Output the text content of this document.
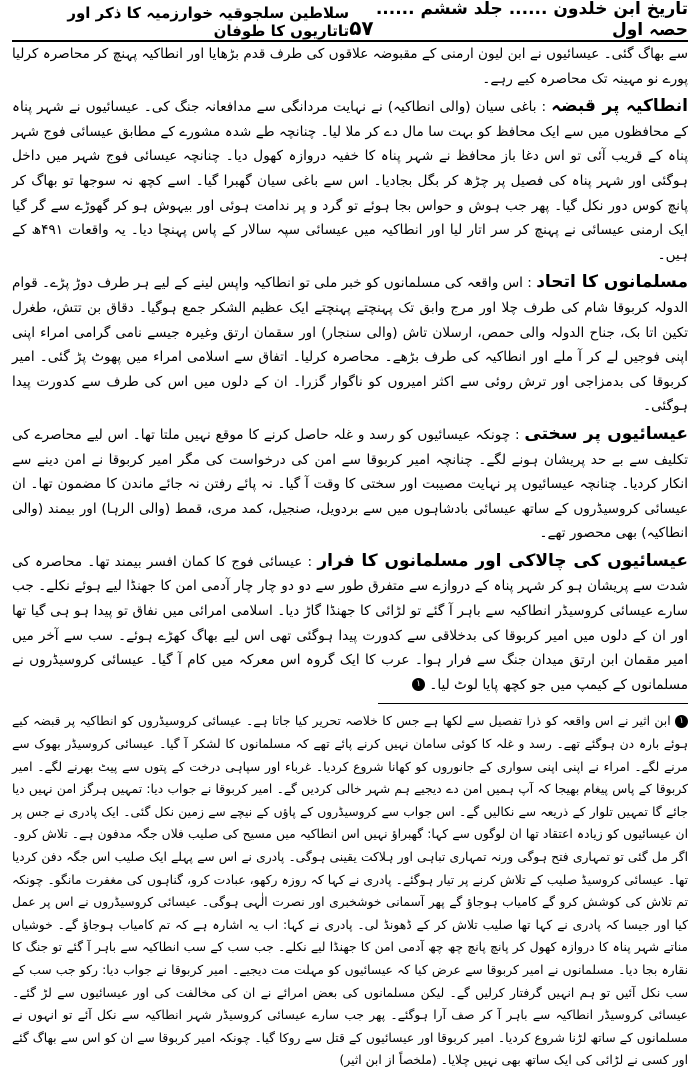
تاریخ ابن خلدون ...... جلد ششم ...... حصہ اول
۵۷
سلاطین سلجوقیہ خوارزمیہ کا ذکر اور تاتاریوں کا طوفان

سے بھاگ گئی۔ عیسائیوں نے ابن لیون ارمنی کے مقبوضہ علاقوں کی طرف قدم بڑھایا اور انطاکیہ پہنچ کر محاصرہ کرلیا پورے نو مہینہ تک محاصرہ کیے رہے۔

انطاکیہ پر قبضہ : باغی سیان (والی انطاکیہ) نے نہایت مردانگی سے مدافعانہ جنگ کی۔ عیسائیوں نے شہر پناہ کے محافظوں میں سے ایک محافظ کو بہت سا مال دے کر ملا لیا۔ چنانچہ طے شدہ مشورے کے مطابق عیسائی فوج شہر پناہ کے قریب آئی تو اس دغا باز محافظ نے شہر پناہ کا خفیہ دروازہ کھول دیا۔ چنانچہ عیسائی فوج شہر میں داخل ہوگئی اور شہر پناہ کی فصیل پر چڑھ کر بگل بجادیا۔ اس سے باغی سیان گھبرا گیا۔ اسے کچھ نہ سوجھا تو بھاگ کر پانچ کوس دور نکل گیا۔ پھر جب ہوش و حواس بجا ہوئے تو گرد و پر ندامت ہوئی اور بیہوش ہو کر گھوڑے سے گر گیا ایک ارمنی عیسائی نے پہنچ کر سر اتار لیا اور انطاکیہ میں عیسائی سپہ سالار کے پاس پہنچا دیا۔ یہ واقعات ۴۹۱ھ کے ہیں۔

مسلمانوں کا اتحاد : اس واقعہ کی مسلمانوں کو خبر ملی تو انطاکیہ واپس لینے کے لیے ہر طرف دوڑ پڑے۔ قوام الدولہ کربوقا شام کی طرف چلا اور مرج وابق تک پہنچتے پہنچتے ایک عظیم الشکر جمع ہوگیا۔ دقاق بن تتش، طغرل تکین اتا بک، جناح الدولہ والی حمص، ارسلان تاش (والی سنجار) اور سقمان ارتق وغیرہ جیسے نامی گرامی امراء اپنی اپنی فوجیں لے کر آ ملے اور انطاکیہ کی طرف بڑھے۔ محاصرہ کرلیا۔ اتفاق سے اسلامی امراء میں پھوٹ پڑ گئی۔ امیر کربوقا کی بدمزاجی اور ترش روئی سے اکثر امیروں کو ناگوار گزرا۔ ان کے دلوں میں اس کی طرف سے کدورت پیدا ہوگئی۔

عیسائیوں پر سختی : چونکہ عیسائیوں کو رسد و غلہ حاصل کرنے کا موقع نہیں ملتا تھا۔ اس لیے محاصرے کی تکلیف سے بے حد پریشان ہونے لگے۔ چنانچہ امیر کربوقا سے امن کی درخواست کی مگر امیر کربوقا نے امن دینے سے انکار کردیا۔ چنانچہ عیسائیوں پر نہایت مصیبت اور سختی کا وقت آ گیا۔ نہ پائے رفتن نہ جائے ماندن کا مضمون تھا۔ ان عیسائی کروسیڈروں کے ساتھ عیسائی بادشاہوں میں سے بردویل، صنجیل، کمد مری، قمط (والی الرہا) اور بیمند (والی انطاکیہ) بھی محصور تھے۔

عیسائیوں کی چالاکی اور مسلمانوں کا فرار : عیسائی فوج کا کمان افسر بیمند تھا۔ محاصرہ کی شدت سے پریشان ہو کر شہر پناہ کے دروازے سے متفرق طور سے دو دو چار چار آدمی امن کا جھنڈا لیے ہوئے نکلے۔ جب سارے عیسائی کروسیڈر انطاکیہ سے باہر آ گئے تو لڑائی کا جھنڈا گاڑ دیا۔ اسلامی امرائی میں نفاق تو پیدا ہو ہی گیا تھا اور ان کے دلوں میں امیر کربوقا کی بدخلاقی سے کدورت پیدا ہوگئی تھی اس لیے بھاگ کھڑے ہوئے۔ سب سے آخر میں امیر مقمان ابن ارتق میدان جنگ سے فرار ہوا۔ عرب کا ایک گروہ اس معرکہ میں کام آ گیا۔ عیسائی کروسیڈروں نے مسلمانوں کے کیمپ میں جو کچھ پایا لوٹ لیا۔ ۱

۱ ابن اثیر نے اس واقعہ کو ذرا تفصیل سے لکھا ہے جس کا خلاصہ تحریر کیا جاتا ہے۔ عیسائی کروسیڈروں کو انطاکیہ پر قبضہ کیے ہوئے بارہ دن ہوگئے تھے۔ رسد و غلہ کا کوئی سامان نہیں کرنے پائے تھے کہ مسلمانوں کا لشکر آ گیا۔ عیسائی کروسیڈر بھوک سے مرنے لگے۔ امراء نے اپنی اپنی سواری کے جانوروں کو کھانا شروع کردیا۔ غرباء اور سپاہی درخت کے پتوں سے پیٹ بھرنے لگے۔ امیر کربوقا کے پاس پیغام بھیجا کہ آپ ہمیں امن دے دیجیے ہم شہر خالی کردیں گے۔ امیر کربوقا نے جواب دیا: تمہیں ہرگز امن نہیں دیا جائے گا تمہیں تلوار کے ذریعہ سے نکالیں گے۔ اس جواب سے کروسیڈروں کے پاؤں کے نیچے سے زمین نکل گئی۔ ایک پادری نے جس پر ان عیسائیوں کو زیادہ اعتقاد تھا ان لوگوں سے کہا: گھبراؤ نہیں اس انطاکیہ میں مسیح کی صلیب فلاں جگہ مدفون ہے۔ تلاش کرو۔ اگر مل گئی تو تمہاری فتح ہوگی ورنہ تمہاری تباہی اور ہلاکت یقینی ہوگی۔ پادری نے اس سے پہلے ایک صلیب اس جگہ دفن کردیا تھا۔ عیسائی کروسیڈ صلیب کے تلاش کرنے پر تیار ہوگئے۔ پادری نے کہا کہ روزہ رکھو، عبادت کرو، گناہوں کی مغفرت مانگو۔ چونکہ تم تلاش کی کوشش کرو گے کامیاب ہوجاؤ گے پھر آسمانی خوشخبری اور نصرت الٰہی ہوگی۔ عیسائی کروسیڈروں نے اس پر عمل کیا اور جیسا کہ پادری نے کہا تھا صلیب تلاش کر کے ڈھونڈ لی۔ پادری نے کہا: اب یہ اشارہ ہے کہ تم کامیاب ہوجاؤ گے۔ خوشیاں مناتے شہر پناہ کا دروازہ کھول کر پانچ پانچ چھ چھ آدمی امن کا جھنڈا لیے نکلے۔ جب سب کے سب انطاکیہ سے باہر آ گئے تو جنگ کا نقارہ بجا دیا۔ مسلمانوں نے امیر کربوقا سے عرض کیا کہ عیسائیوں کو مہلت مت دیجیے۔ امیر کربوقا نے جواب دیا: رکو جب سب کے سب نکل آئیں تو ہم انہیں گرفتار کرلیں گے۔ لیکن مسلمانوں کی بعض امرائے نے ان کی مخالفت کی اور عیسائیوں سے لڑ گئے۔ عیسائی کروسیڈر انطاکیہ سے باہر آ کر صف آرا ہوگئے۔ پھر جب سارے عیسائی کروسیڈر شہر انطاکیہ سے نکل آئے تو انہوں نے مسلمانوں کے ساتھ لڑنا شروع کردیا۔ امیر کربوقا اور عیسائیوں کے قتل سے روکا گیا۔ چونکہ امیر کربوقا سے ان کو اس سے بھاگ گئے اور کسی نے لڑائی کی ایک ساتھ بھی نہیں چلایا۔ (ملخصاً از ابن اثیر)
